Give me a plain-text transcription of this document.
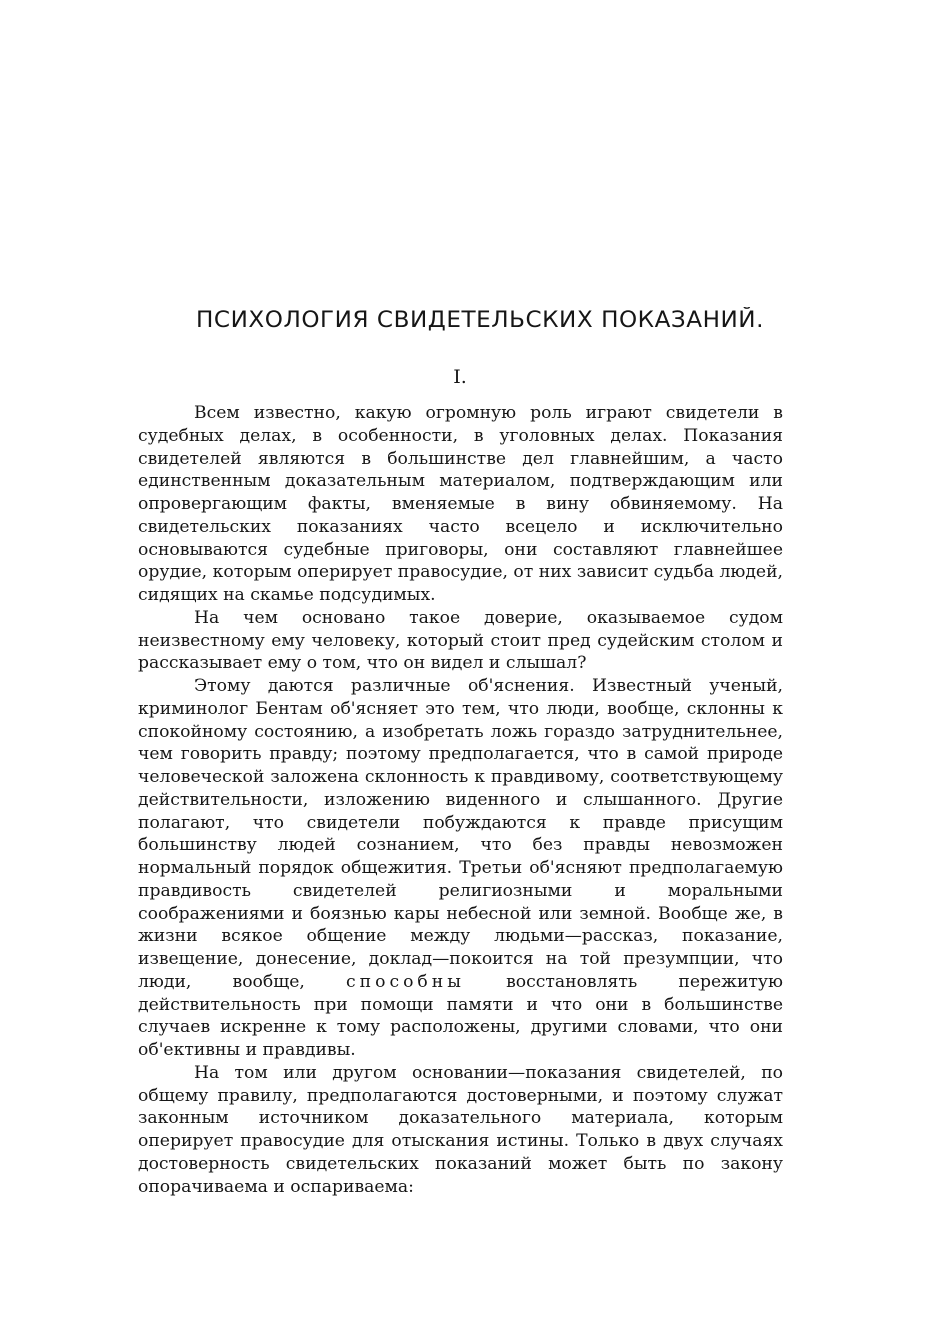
ПСИХОЛОГИЯ СВИДЕТЕЛЬСКИХ ПОКАЗАНИЙ.
I.

Всем известно, какую огромную роль играют свидетели в судебных делах, в особенности, в уголовных делах. Показания свидетелей являются в большинстве дел главнейшим, а часто единственным доказательным материалом, подтверждающим или опровергающим факты, вменяемые в вину обвиняемому. На свидетельских показаниях часто всецело и исключительно основываются судебные приговоры, они составляют главнейшее орудие, которым оперирует правосудие, от них зависит судьба людей, сидящих на скамье подсудимых.

На чем основано такое доверие, оказываемое судом неизвестному ему человеку, который стоит пред судейским столом и рассказывает ему о том, что он видел и слышал?

Этому даются различные об'яснения. Известный ученый, криминолог Бентам об'ясняет это тем, что люди, вообще, склонны к спокойному состоянию, а изобретать ложь гораздо затруднительнее, чем говорить правду; поэтому предполагается, что в самой природе человеческой заложена склонность к правдивому, соответствующему действительности, изложению виденного и слышанного. Другие полагают, что свидетели побуждаются к правде присущим большинству людей сознанием, что без правды невозможен нормальный порядок общежития. Третьи об'ясняют предполагаемую правдивость свидетелей религиозными и моральными соображениями и боязнью кары небесной или земной. Вообще же, в жизни всякое общение между людьми—рассказ, показание, извещение, донесение, доклад—покоится на той презумпции, что люди, вообще, способны восстановлять пережитую действительность при помощи памяти и что они в большинстве случаев искренне к тому расположены, другими словами, что они об'ективны и правдивы.

На том или другом основании—показания свидетелей, по общему правилу, предполагаются достоверными, и поэтому служат законным источником доказательного материала, которым оперирует правосудие для отыскания истины. Только в двух случаях достоверность свидетельских показаний может быть по закону опорачиваема и оспариваема:
